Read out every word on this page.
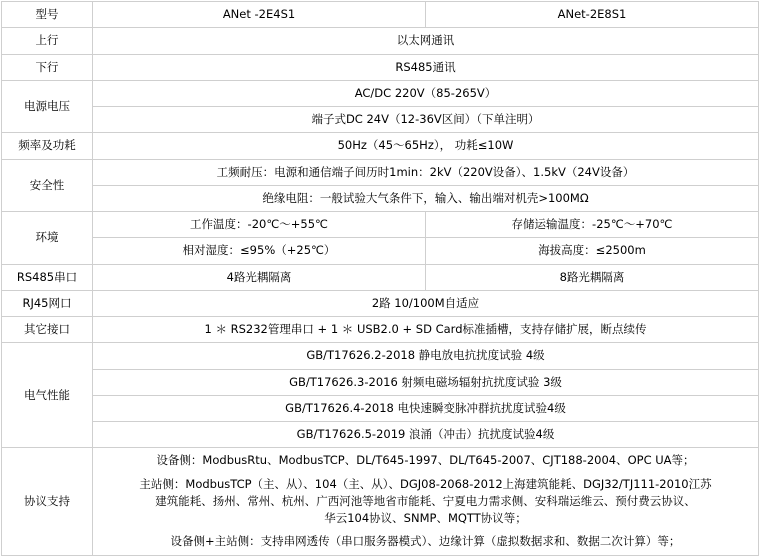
型号	ANet -2E4S1	ANet-2E8S1
上行	以太网通讯	
下行	RS485通讯	
电源电压	AC/DC 220V（85-265V）	
	端子式DC 24V（12-36V区间）（下单注明）	
频率及功耗	50Hz（45～65Hz）， 功耗≤10W	
安全性	工频耐压：电源和通信端子间历时1min：2kV（220V设备）、1.5kV（24V设备）	
	绝缘电阻：一般试验大气条件下，输入、输出端对机壳>100MΩ	
环境	工作温度：-20℃～+55℃	存储运输温度：-25℃～+70℃
	相对湿度：≤95%（+25℃）	海拔高度：≤2500m
RS485串口	4路光耦隔离	8路光耦隔离
RJ45网口	2路 10/100M自适应	
其它接口	1 ＊ RS232管理串口 + 1 ＊ USB2.0 + SD Card标准插槽，支持存储扩展，断点续传	
电气性能	GB/T17626.2-2018 静电放电抗扰度试验 4级	
	GB/T17626.3-2016 射频电磁场辐射抗扰度试验 3级	
	GB/T17626.4-2018 电快速瞬变脉冲群抗扰度试验4级	
	GB/T17626.5-2019 浪涌（冲击）抗扰度试验4级	
协议支持	设备侧：ModbusRtu、ModbusTCP、DL/T645-1997、DL/T645-2007、CJT188-2004、OPC UA等；
主站侧：ModbusTCP（主、从）、104（主、从）、DGJ08-2068-2012上海建筑能耗、DGJ32/TJ111-2010江苏
建筑能耗、扬州、常州、杭州、广西河池等地省市能耗、宁夏电力需求侧、安科瑞运维云、预付费云协议、
华云104协议、SNMP、MQTT协议等；
设备侧+主站侧：支持串网透传（串口服务器模式）、边缘计算（虚拟数据求和、数据二次计算）等；	
